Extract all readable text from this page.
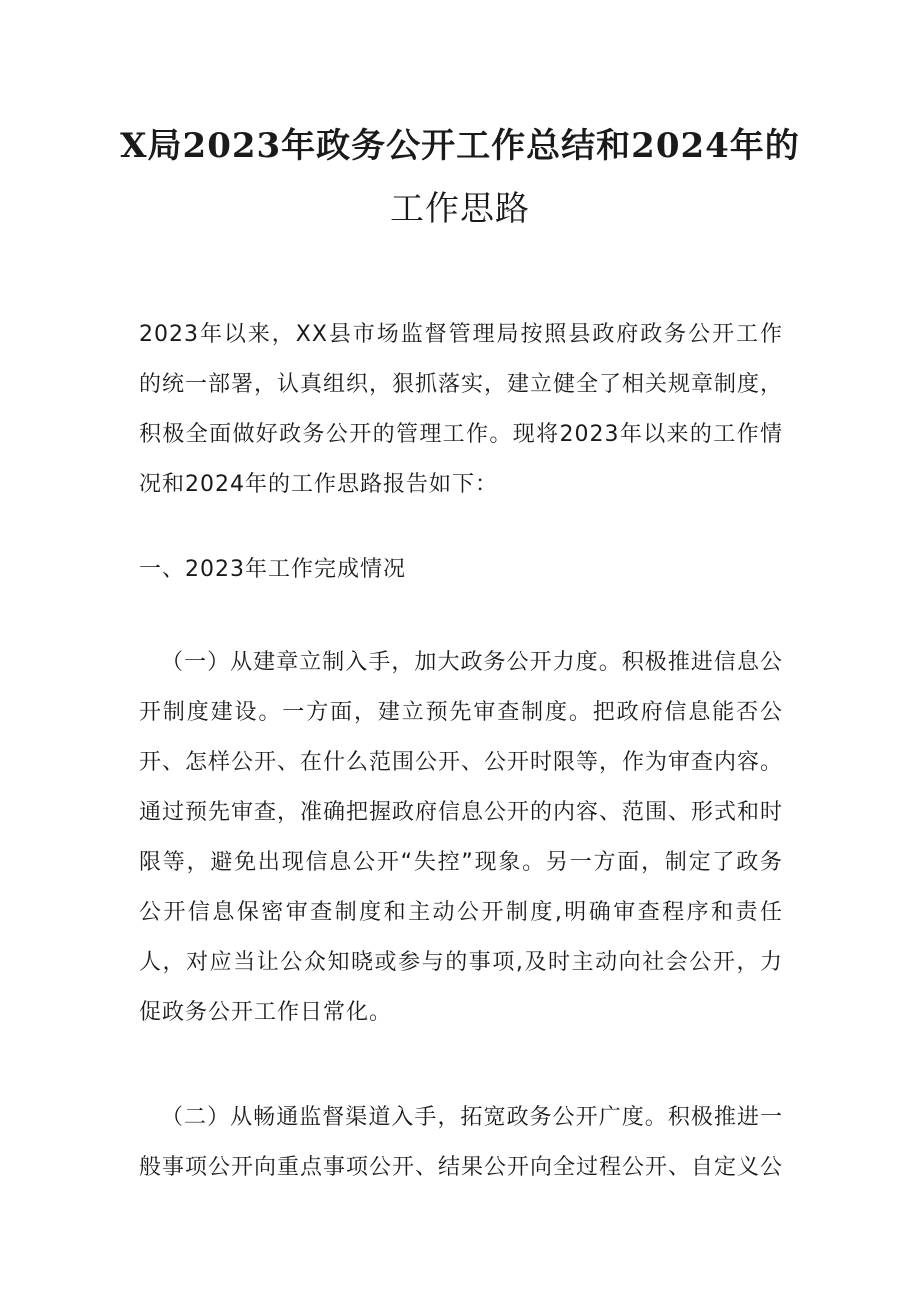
X局2023年政务公开工作总结和2024年的
工作思路

2023年以来，XX县市场监督管理局按照县政府政务公开工作的统一部署，认真组织，狠抓落实，建立健全了相关规章制度，积极全面做好政务公开的管理工作。现将2023年以来的工作情况和2024年的工作思路报告如下：

一、2023年工作完成情况

（一）从建章立制入手，加大政务公开力度。积极推进信息公开制度建设。一方面，建立预先审查制度。把政府信息能否公开、怎样公开、在什么范围公开、公开时限等，作为审查内容。通过预先审查，准确把握政府信息公开的内容、范围、形式和时限等，避免出现信息公开“失控”现象。另一方面，制定了政务公开信息保密审查制度和主动公开制度,明确审查程序和责任人，对应当让公众知晓或参与的事项,及时主动向社会公开，力促政务公开工作日常化。

（二）从畅通监督渠道入手，拓宽政务公开广度。积极推进一般事项公开向重点事项公开、结果公开向全过程公开、自定义公
